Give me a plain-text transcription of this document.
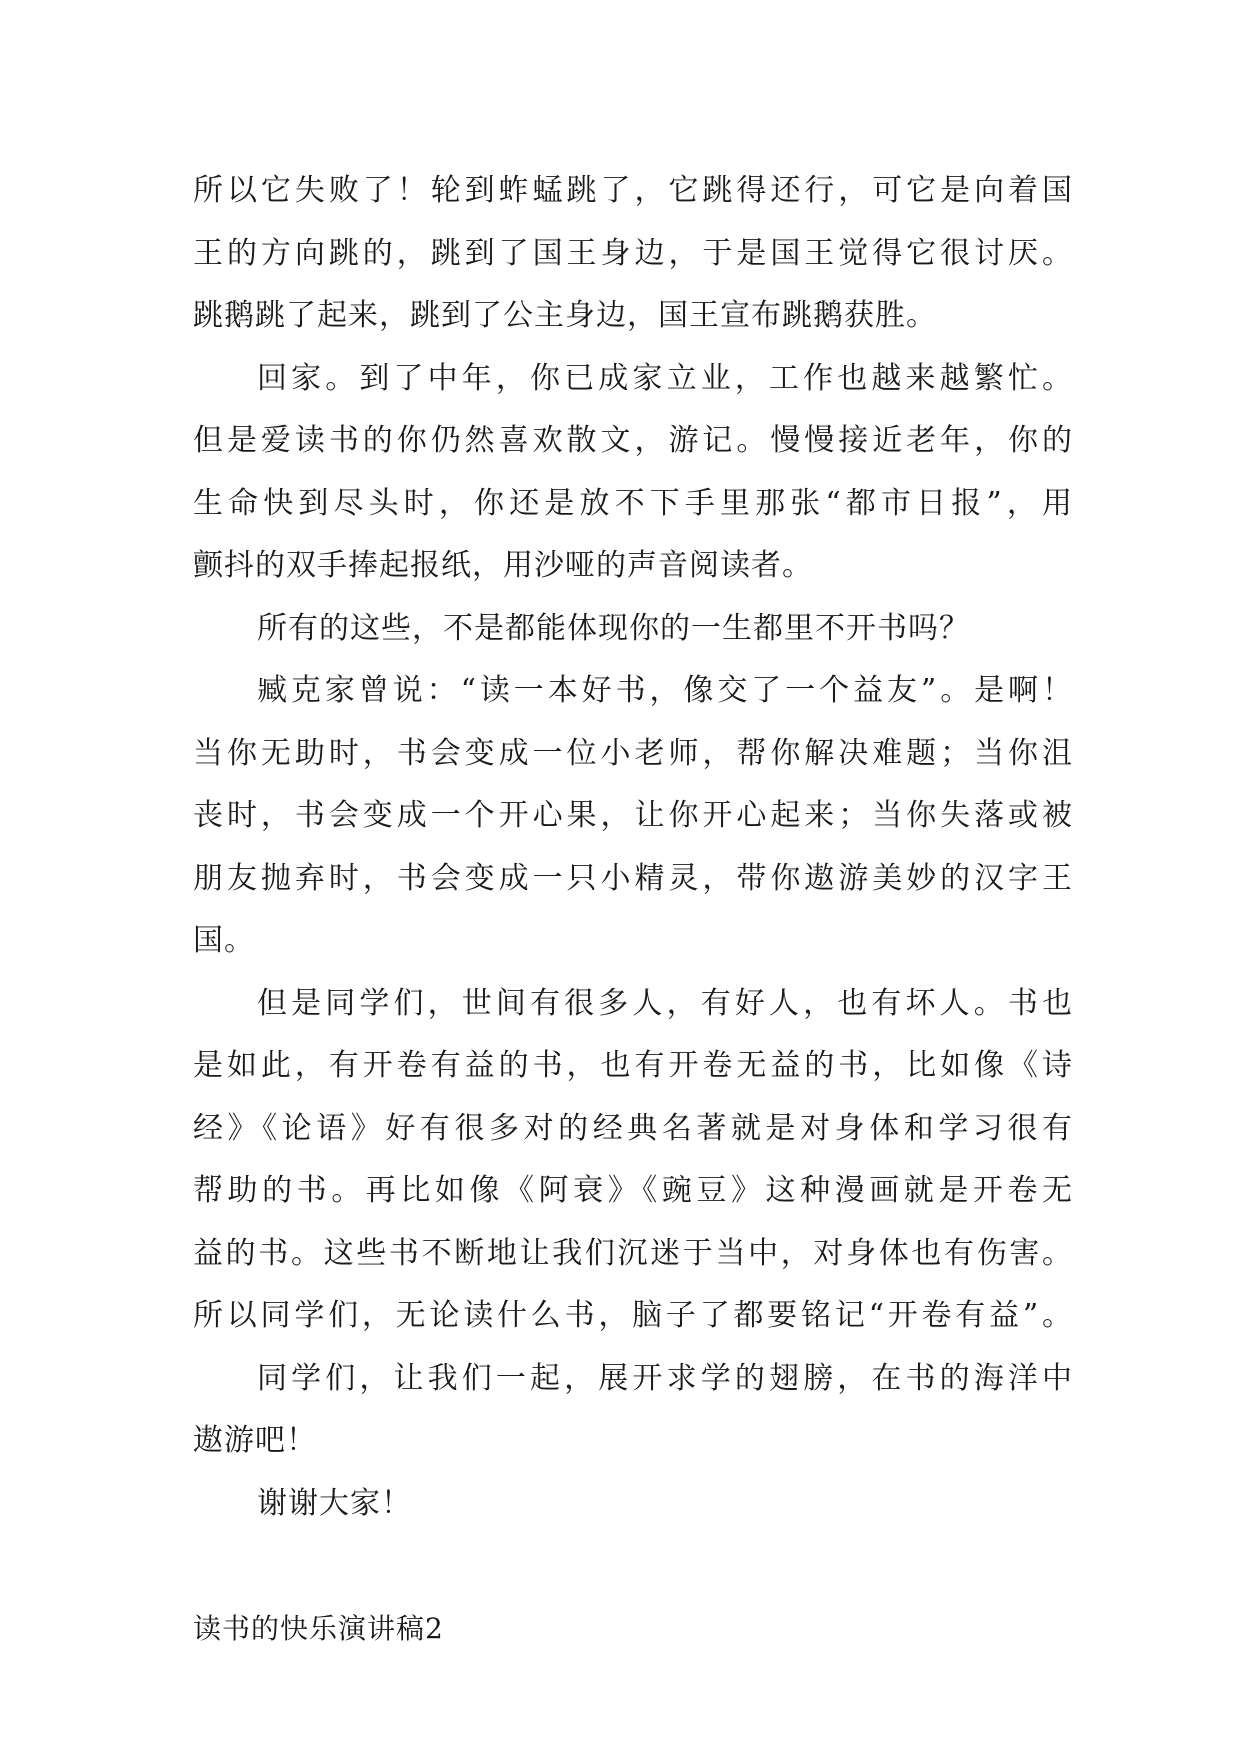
所以它失败了！轮到蚱蜢跳了，它跳得还行，可它是向着国
王的方向跳的，跳到了国王身边，于是国王觉得它很讨厌。
跳鹅跳了起来，跳到了公主身边，国王宣布跳鹅获胜。
回家。到了中年，你已成家立业，工作也越来越繁忙。
但是爱读书的你仍然喜欢散文，游记。慢慢接近老年，你的
生命快到尽头时，你还是放不下手里那张“都市日报”，用
颤抖的双手捧起报纸，用沙哑的声音阅读者。
所有的这些，不是都能体现你的一生都里不开书吗？
臧克家曾说：“读一本好书，像交了一个益友”。是啊！
当你无助时，书会变成一位小老师，帮你解决难题；当你沮
丧时，书会变成一个开心果，让你开心起来；当你失落或被
朋友抛弃时，书会变成一只小精灵，带你遨游美妙的汉字王
国。
但是同学们，世间有很多人，有好人，也有坏人。书也
是如此，有开卷有益的书，也有开卷无益的书，比如像《诗
经》《论语》好有很多对的经典名著就是对身体和学习很有
帮助的书。再比如像《阿衰》《豌豆》这种漫画就是开卷无
益的书。这些书不断地让我们沉迷于当中，对身体也有伤害。
所以同学们，无论读什么书，脑子了都要铭记“开卷有益”。
同学们，让我们一起，展开求学的翅膀，在书的海洋中
遨游吧！
谢谢大家！
读书的快乐演讲稿2
